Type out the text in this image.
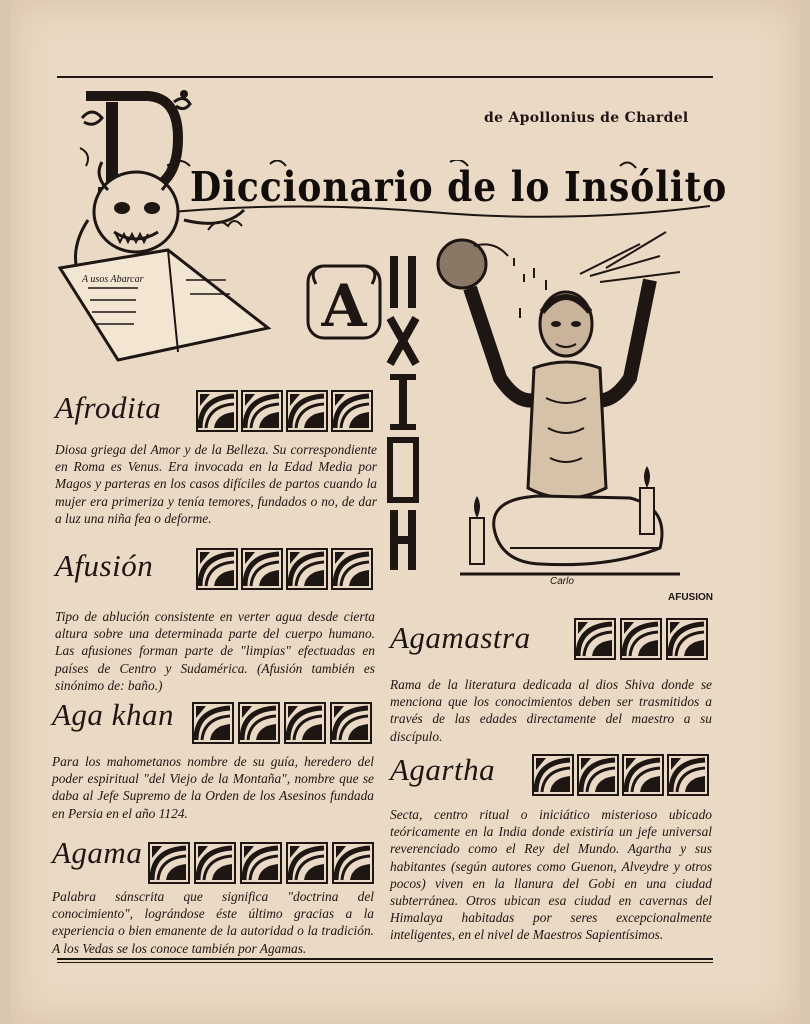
de Apollonius de Chardel
Diccionario de lo Insólito
A usos Abarcar	A
Carlo
AFUSION
Afrodita
Diosa griega del Amor y de la Belleza. Su correspondiente en Roma es Venus. Era invocada en la Edad Media por Magos y parteras en los casos difíciles de partos cuando la mujer era primeriza y tenía temores, fundados o no, de dar a luz una niña fea o deforme.
Afusión
Tipo de ablución consistente en verter agua desde cierta altura sobre una determinada parte del cuerpo humano. Las afusiones forman parte de "limpias" efectuadas en países de Centro y Sudamérica. (Afusión también es sinónimo de: baño.)
Aga khan
Para los mahometanos nombre de su guía, heredero del poder espiritual "del Viejo de la Montaña", nombre que se daba al Jefe Supremo de la Orden de los Asesinos fundada en Persia en el año 1124.
Agama
Palabra sánscrita que significa "doctrina del conocimiento", lográndose éste último gracias a la experiencia o bien emanente de la autoridad o la tradición. A los Vedas se los conoce también por Agamas.
Agamastra
Rama de la literatura dedicada al dios Shiva donde se menciona que los conocimientos deben ser trasmitidos a través de las edades directamente del maestro a su discípulo.
Agartha
Secta, centro ritual o iniciático misterioso ubicado teóricamente en la India donde existiría un jefe universal reverenciado como el Rey del Mundo. Agartha y sus habitantes (según autores como Guenon, Alveydre y otros pocos) viven en la llanura del Gobi en una ciudad subterránea. Otros ubican esa ciudad en cavernas del Himalaya habitadas por seres excepcionalmente inteligentes, en el nivel de Maestros Sapientísimos.
